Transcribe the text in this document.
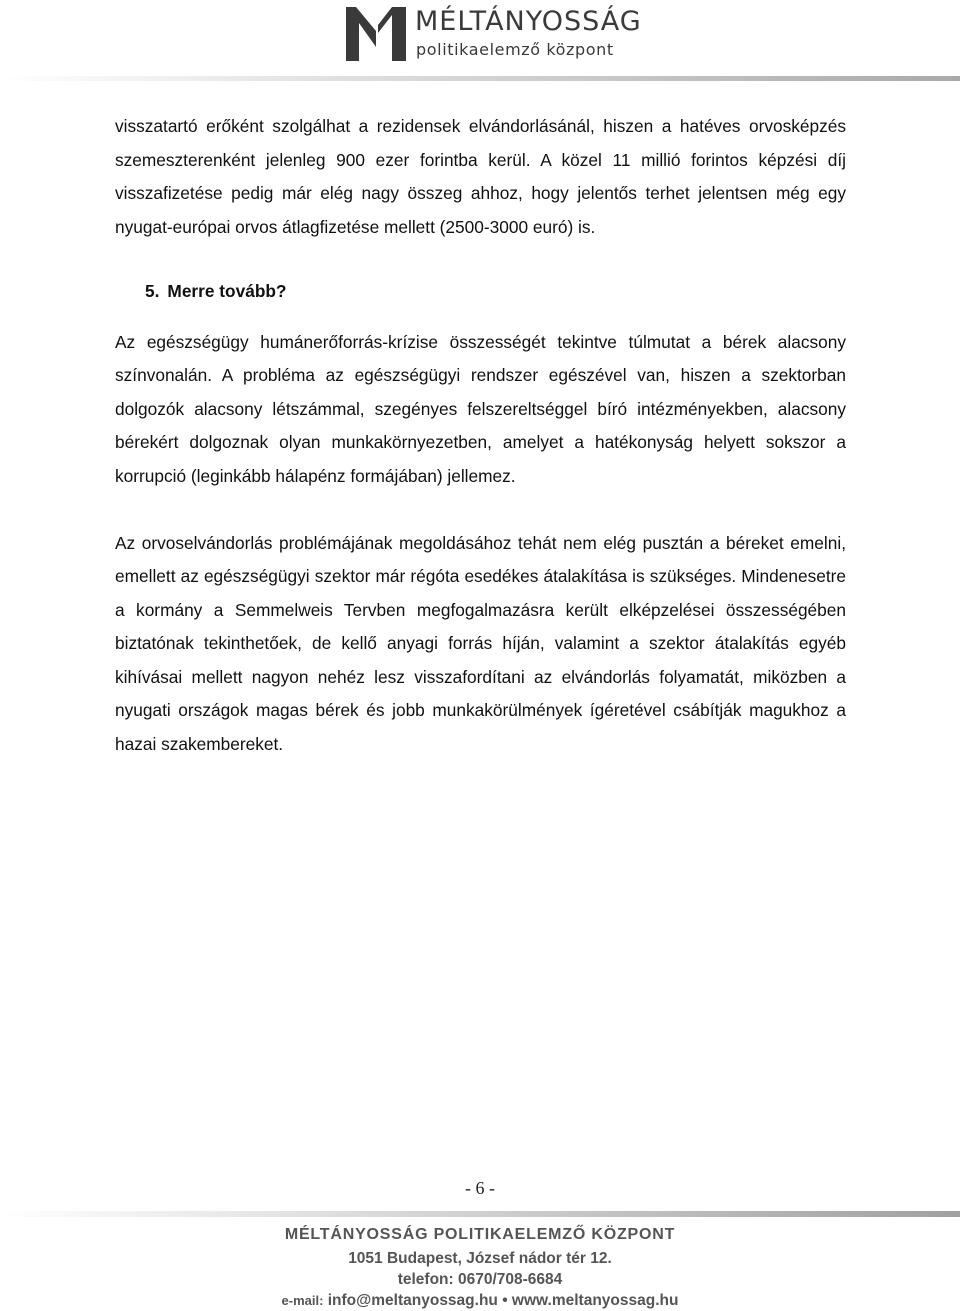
MÉLTÁNYOSSÁG
politikaelemző központ

visszatartó erőként szolgálhat a rezidensek elvándorlásánál, hiszen a hatéves orvosképzés szemeszterenként jelenleg 900 ezer forintba kerül. A közel 11 millió forintos képzési díj visszafizetése pedig már elég nagy összeg ahhoz, hogy jelentős terhet jelentsen még egy nyugat-európai orvos átlagfizetése mellett (2500-3000 euró) is.

5. Merre tovább?

Az egészségügy humánerőforrás-krízise összességét tekintve túlmutat a bérek alacsony színvonalán. A probléma az egészségügyi rendszer egészével van, hiszen a szektorban dolgozók alacsony létszámmal, szegényes felszereltséggel bíró intézményekben, alacsony bérekért dolgoznak olyan munkakörnyezetben, amelyet a hatékonyság helyett sokszor a korrupció (leginkább hálapénz formájában) jellemez.

Az orvoselvándorlás problémájának megoldásához tehát nem elég pusztán a béreket emelni, emellett az egészségügyi szektor már régóta esedékes átalakítása is szükséges. Mindenesetre a kormány a Semmelweis Tervben megfogalmazásra került elképzelései összességében biztatónak tekinthetőek, de kellő anyagi forrás híján, valamint a szektor átalakítás egyéb kihívásai mellett nagyon nehéz lesz visszafordítani az elvándorlás folyamatát, miközben a nyugati országok magas bérek és jobb munkakörülmények ígéretével csábítják magukhoz a hazai szakembereket.

- 6 -
MÉLTÁNYOSSÁG POLITIKAELEMZŐ KÖZPONT
1051 Budapest, József nádor tér 12.
telefon: 0670/708-6684
e-mail: info@meltanyossag.hu • www.meltanyossag.hu
